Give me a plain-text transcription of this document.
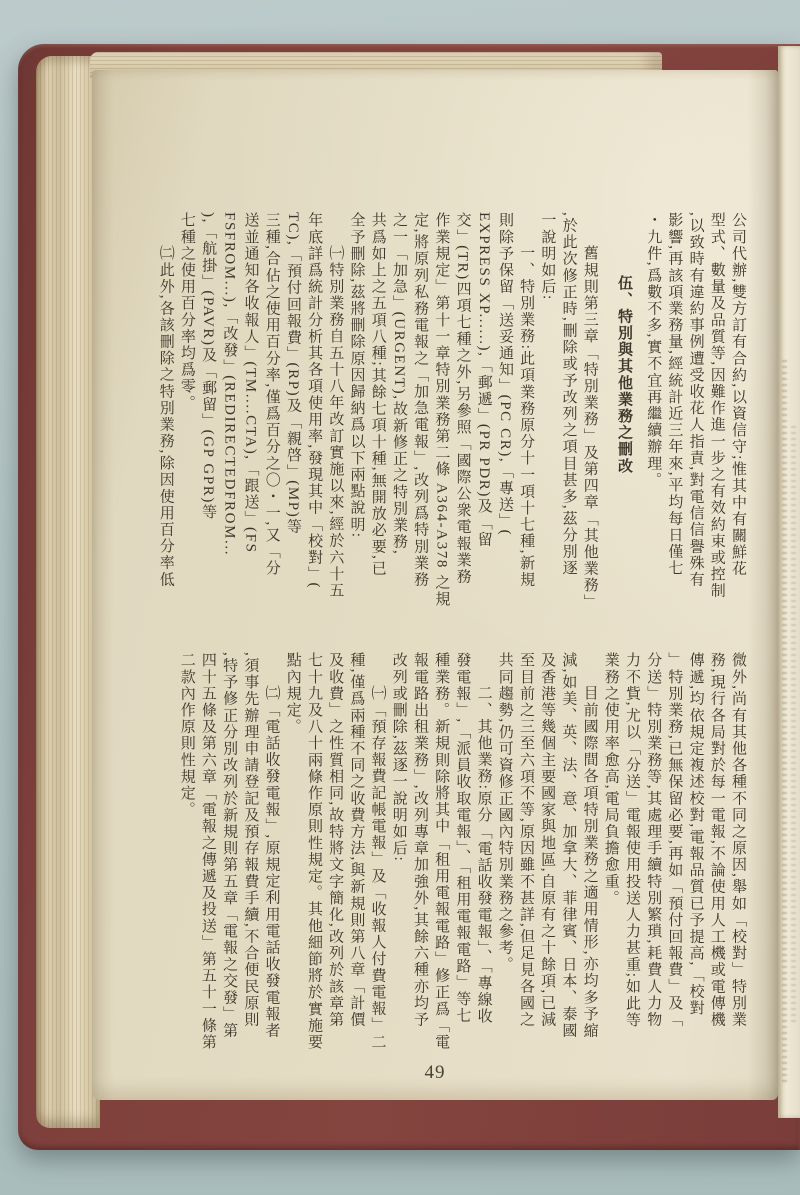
公司代辦,雙方訂有合約,以資信守;惟其中有關鮮花
型式、數量及品質等,因難作進一步之有效約束或控制
,以致時有違約事例遭受收花人指責,對電信信譽殊有
影響,再該項業務量,經統計近三年來,平均每日僅七
・九件,爲數不多,實不宜再繼續辦理。
伍、特別與其他業務之刪改
舊規則第三章「特別業務」及第四章「其他業務」
,於此次修正時,刪除或予改列之項目甚多,茲分別逐
一說明如后:
一、特別業務:此項業務原分十一項十七種,新規
則除予保留「送妥通知」(PC CR),「專送」(
EXPRESS XP......),「郵遞」(PR PDR)及「留
交」(TR)四項七種之外,另參照「國際公衆電報業務
作業規定」第十一章特別業務第二條 A364-A378 之規
定,將原列私務電報之「加急電報」,改列爲特別業務
之一「加急」(URGENT),故新修正之特別業務,
共爲如上之五項八種;其餘七項十種,無開放必要,已
全予刪除,茲將刪除原因歸納爲以下兩點說明:
㈠特別業務自五十八年改訂實施以來,經於六十五
年底詳爲統計分析其各項使用率,發現其中「校對」(
TC),「預付回報費」(RP)及「親啓」(MP)等
三種,合佔之使用百分率,僅爲百分之〇・一,又「分
送並通知各收報人」(TM....CTA),「跟送」(FS
FSFROM...),「改發」(REDIRECTEDFROM...
),「航掛」(PAVR)及「郵留」(GP GPR)等
七種之使用百分率均爲零。
㈡此外,各該刪除之特別業務,除因使用百分率低
微外,尚有其他各種不同之原因,舉如「校對」特別業
務,現行各局對於每一電報,不論使用人工機或電傳機
傳遞,均依規定複述校對,電報品質已予提高,「校對
」特別業務,已無保留必要,再如「預付回報費」及「
分送」特別業務等,其處理手續特別繁瑣,耗費人力物
力不貲,尤以「分送」電報使用投送人力甚重;如此等
業務之使用率愈高,電局負擔愈重。
目前國際間各項特別業務之適用情形,亦均多予縮
減,如美、英、法、意、加拿大、菲律賓、日本、泰國
及香港等幾個主要國家與地區,自原有之十餘項,已減
至目前之三至六項不等,原因雖不甚詳,但足見各國之
共同趨勢,仍可資修正國內特別業務之參考。
二、其他業務:原分「電話收發電報」、「專線收
發電報」,「派員收取電報」、「租用電報電路」等七
種業務。新規則除將其中「租用電報電路」修正爲「電
報電路出租業務」,改列專章加強外,其餘六種亦均予
改列或刪除,茲逐一說明如后:
㈠「預存報費記帳電報」及「收報人付費電報」二
種,僅爲兩種不同之收費方法,與新規則第八章「計價
及收費」之性質相同,故特將文字簡化,改列於該章第
七十九及八十兩條作原則性規定。其他細節將於實施要
點內規定。
㈡「電話收發電報」,原規定利用電話收發電報者
,須事先辦理申請登記及預存報費手續,不合便民原則
,特予修正分別改列於新規則第五章「電報之交發」第
四十五條及第六章「電報之傳遞及投送」第五十一條第
二款內作原則性規定。
49
